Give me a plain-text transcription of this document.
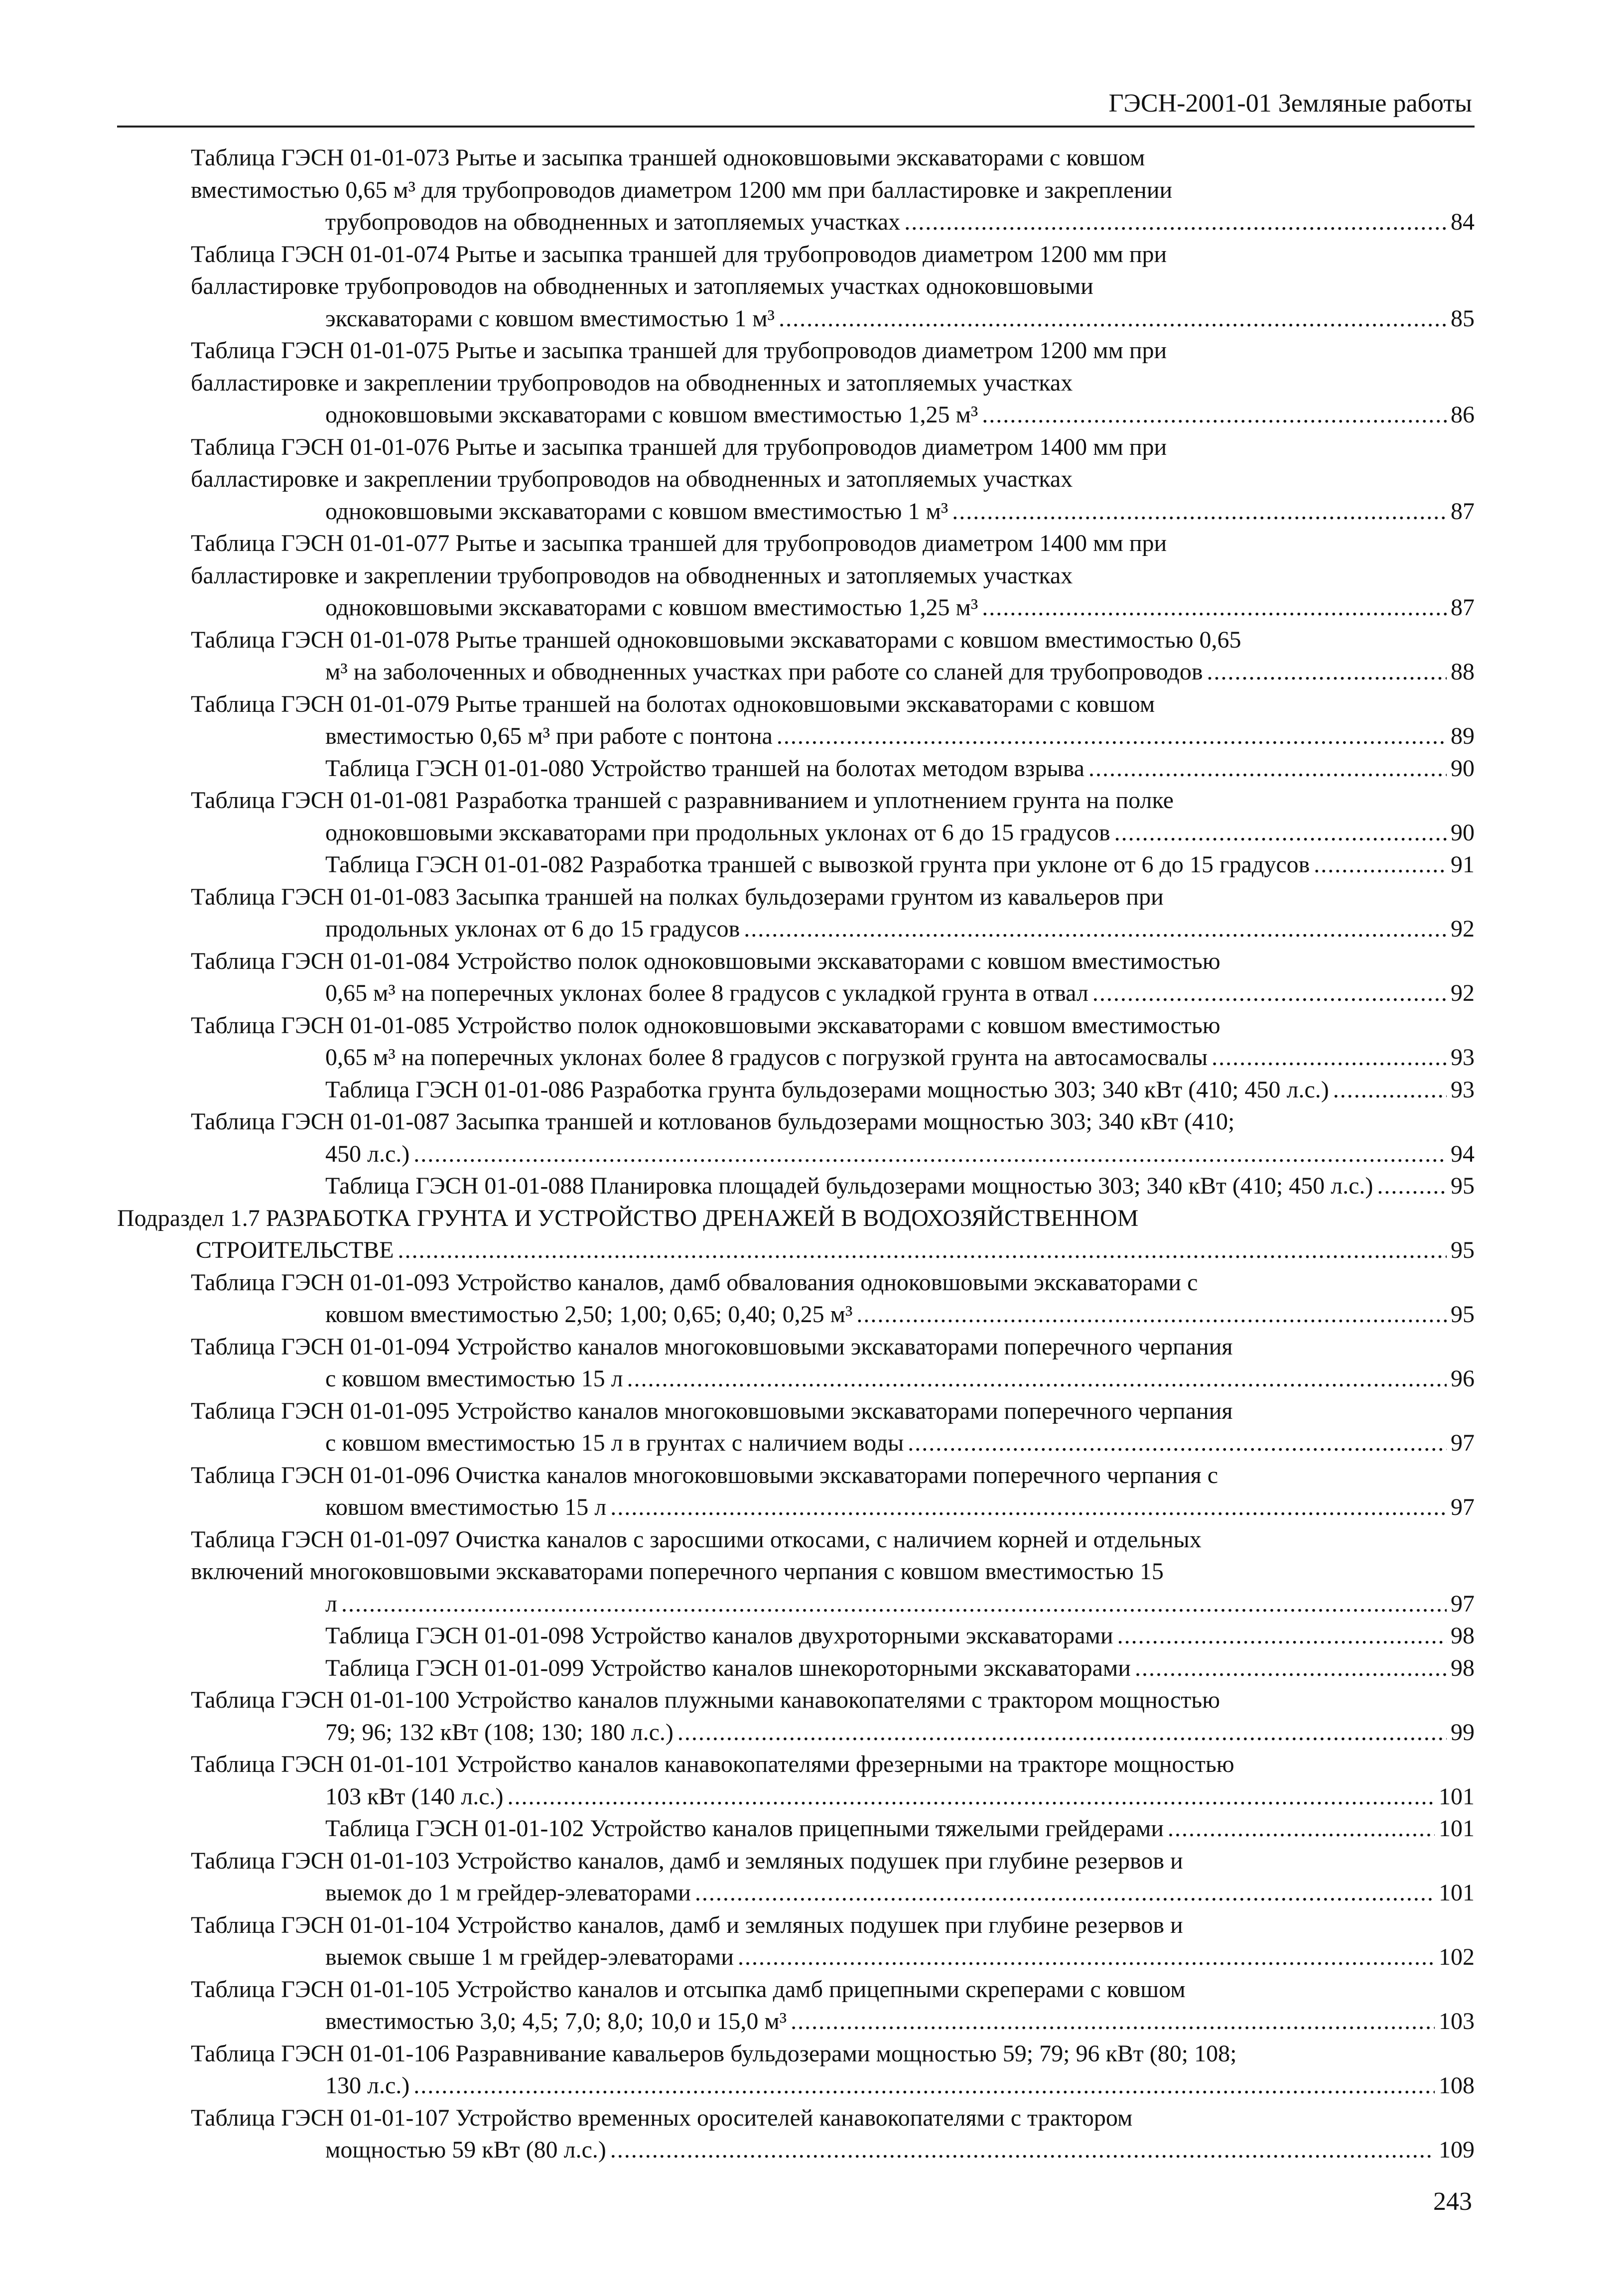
ГЭСН-2001-01 Земляные работы
Таблица ГЭСН 01-01-073 Рытье и засыпка траншей одноковшовыми экскаваторами с ковшом
вместимостью 0,65 м³ для трубопроводов диаметром 1200 мм при балластировке и закреплении
трубопроводов на обводненных и затопляемых участках .....	84
Таблица ГЭСН 01-01-074 Рытье и засыпка траншей для трубопроводов диаметром 1200 мм при
балластировке трубопроводов на обводненных и затопляемых участках одноковшовыми
экскаваторами с ковшом вместимостью 1 м³ .....	85
Таблица ГЭСН 01-01-075 Рытье и засыпка траншей для трубопроводов диаметром 1200 мм при
балластировке и закреплении трубопроводов на обводненных и затопляемых участках
одноковшовыми экскаваторами с ковшом вместимостью 1,25 м³ .....	86
Таблица ГЭСН 01-01-076 Рытье и засыпка траншей для трубопроводов диаметром 1400 мм при
балластировке и закреплении трубопроводов на обводненных и затопляемых участках
одноковшовыми экскаваторами с ковшом вместимостью 1 м³ .....	87
Таблица ГЭСН 01-01-077 Рытье и засыпка траншей для трубопроводов диаметром 1400 мм при
балластировке и закреплении трубопроводов на обводненных и затопляемых участках
одноковшовыми экскаваторами с ковшом вместимостью 1,25 м³ .....	87
Таблица ГЭСН 01-01-078 Рытье траншей одноковшовыми экскаваторами с ковшом вместимостью 0,65
м³ на заболоченных и обводненных участках при работе со сланей для трубопроводов .....	88
Таблица ГЭСН 01-01-079 Рытье траншей на болотах одноковшовыми экскаваторами с ковшом
вместимостью 0,65 м³ при работе с понтона .....	89
Таблица ГЭСН 01-01-080 Устройство траншей на болотах методом взрыва .....	90
Таблица ГЭСН 01-01-081 Разработка траншей с разравниванием и уплотнением грунта на полке
одноковшовыми экскаваторами при продольных уклонах от 6 до 15 градусов .....	90
Таблица ГЭСН 01-01-082 Разработка траншей с вывозкой грунта при уклоне от 6 до 15 градусов .....	91
Таблица ГЭСН 01-01-083 Засыпка траншей на полках бульдозерами грунтом из кавальеров при
продольных уклонах от 6 до 15 градусов .....	92
Таблица ГЭСН 01-01-084 Устройство полок одноковшовыми экскаваторами с ковшом вместимостью
0,65 м³ на поперечных уклонах более 8 градусов с укладкой грунта в отвал .....	92
Таблица ГЭСН 01-01-085 Устройство полок одноковшовыми экскаваторами с ковшом вместимостью
0,65 м³ на поперечных уклонах более 8 градусов с погрузкой грунта на автосамосвалы .....	93
Таблица ГЭСН 01-01-086 Разработка грунта бульдозерами мощностью 303; 340 кВт (410; 450 л.с.) .....	93
Таблица ГЭСН 01-01-087 Засыпка траншей и котлованов бульдозерами мощностью 303; 340 кВт (410;
450 л.с.) .....	94
Таблица ГЭСН 01-01-088 Планировка площадей бульдозерами мощностью 303; 340 кВт (410; 450 л.с.) .....	95
Подраздел 1.7 РАЗРАБОТКА ГРУНТА И УСТРОЙСТВО ДРЕНАЖЕЙ В ВОДОХОЗЯЙСТВЕННОМ
СТРОИТЕЛЬСТВЕ .....	95
Таблица ГЭСН 01-01-093 Устройство каналов, дамб обвалования одноковшовыми экскаваторами с
ковшом вместимостью 2,50; 1,00; 0,65; 0,40; 0,25 м³ .....	95
Таблица ГЭСН 01-01-094 Устройство каналов многоковшовыми экскаваторами поперечного черпания
с ковшом вместимостью 15 л .....	96
Таблица ГЭСН 01-01-095 Устройство каналов многоковшовыми экскаваторами поперечного черпания
с ковшом вместимостью 15 л в грунтах с наличием воды .....	97
Таблица ГЭСН 01-01-096 Очистка каналов многоковшовыми экскаваторами поперечного черпания с
ковшом вместимостью 15 л .....	97
Таблица ГЭСН 01-01-097 Очистка каналов с заросшими откосами, с наличием корней и отдельных
включений многоковшовыми экскаваторами поперечного черпания с ковшом вместимостью 15
л .....	97
Таблица ГЭСН 01-01-098 Устройство каналов двухроторными экскаваторами .....	98
Таблица ГЭСН 01-01-099 Устройство каналов шнекороторными экскаваторами .....	98
Таблица ГЭСН 01-01-100 Устройство каналов плужными канавокопателями с трактором мощностью
79; 96; 132 кВт (108; 130; 180 л.с.) .....	99
Таблица ГЭСН 01-01-101 Устройство каналов канавокопателями фрезерными на тракторе мощностью
103 кВт (140 л.с.) .....	101
Таблица ГЭСН 01-01-102 Устройство каналов прицепными тяжелыми грейдерами .....	101
Таблица ГЭСН 01-01-103 Устройство каналов, дамб и земляных подушек при глубине резервов и
выемок до 1 м грейдер-элеваторами .....	101
Таблица ГЭСН 01-01-104 Устройство каналов, дамб и земляных подушек при глубине резервов и
выемок свыше 1 м грейдер-элеваторами .....	102
Таблица ГЭСН 01-01-105 Устройство каналов и отсыпка дамб прицепными скреперами с ковшом
вместимостью 3,0; 4,5; 7,0; 8,0; 10,0 и 15,0 м³ .....	103
Таблица ГЭСН 01-01-106 Разравнивание кавальеров бульдозерами мощностью 59; 79; 96 кВт (80; 108;
130 л.с.) .....	108
Таблица ГЭСН 01-01-107 Устройство временных оросителей канавокопателями с трактором
мощностью 59 кВт (80 л.с.) .....	109
243
